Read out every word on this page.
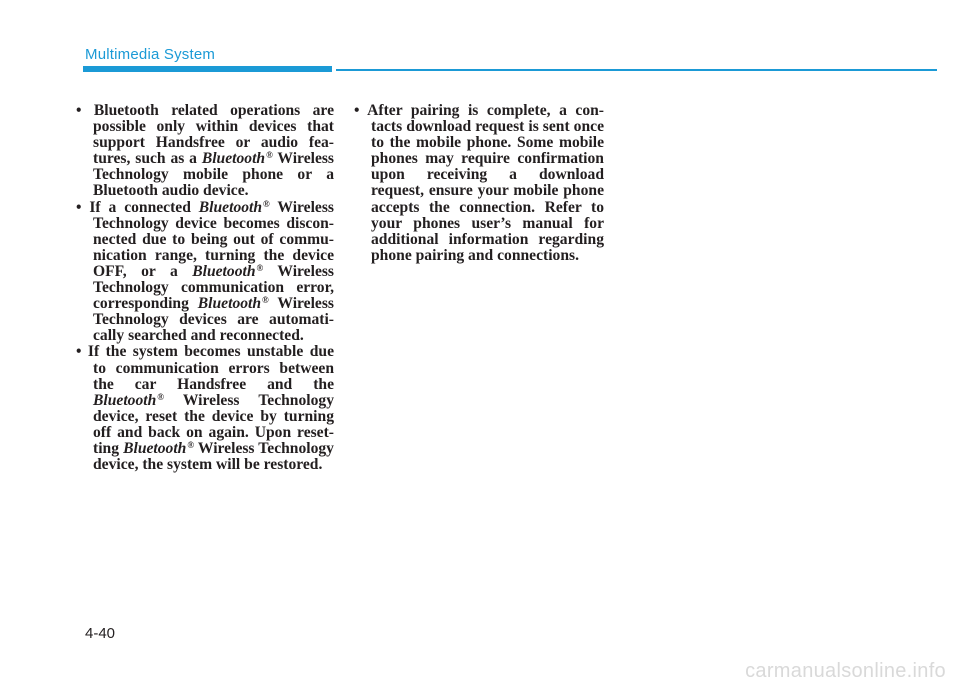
Multimedia System

• Bluetooth related operations are possible only within devices that support Handsfree or audio fea-tures, such as a Bluetooth® Wireless Technology mobile phone or a Bluetooth audio device.

• If a connected Bluetooth® Wireless Technology device becomes discon-nected due to being out of commu-nication range, turning the device OFF, or a Bluetooth® Wireless Technology communication error, corresponding Bluetooth® Wireless Technology devices are automati-cally searched and reconnected.

• If the system becomes unstable due to communication errors between the car Handsfree and the Bluetooth® Wireless Technology device, reset the device by turning off and back on again. Upon reset-ting Bluetooth® Wireless Technology device, the system will be restored.

• After pairing is complete, a con-tacts download request is sent once to the mobile phone. Some mobile phones may require confirmation upon receiving a download request, ensure your mobile phone accepts the connection. Refer to your phones user’s manual for additional information regarding phone pairing and connections.

4-40
carmanualsonline.info
